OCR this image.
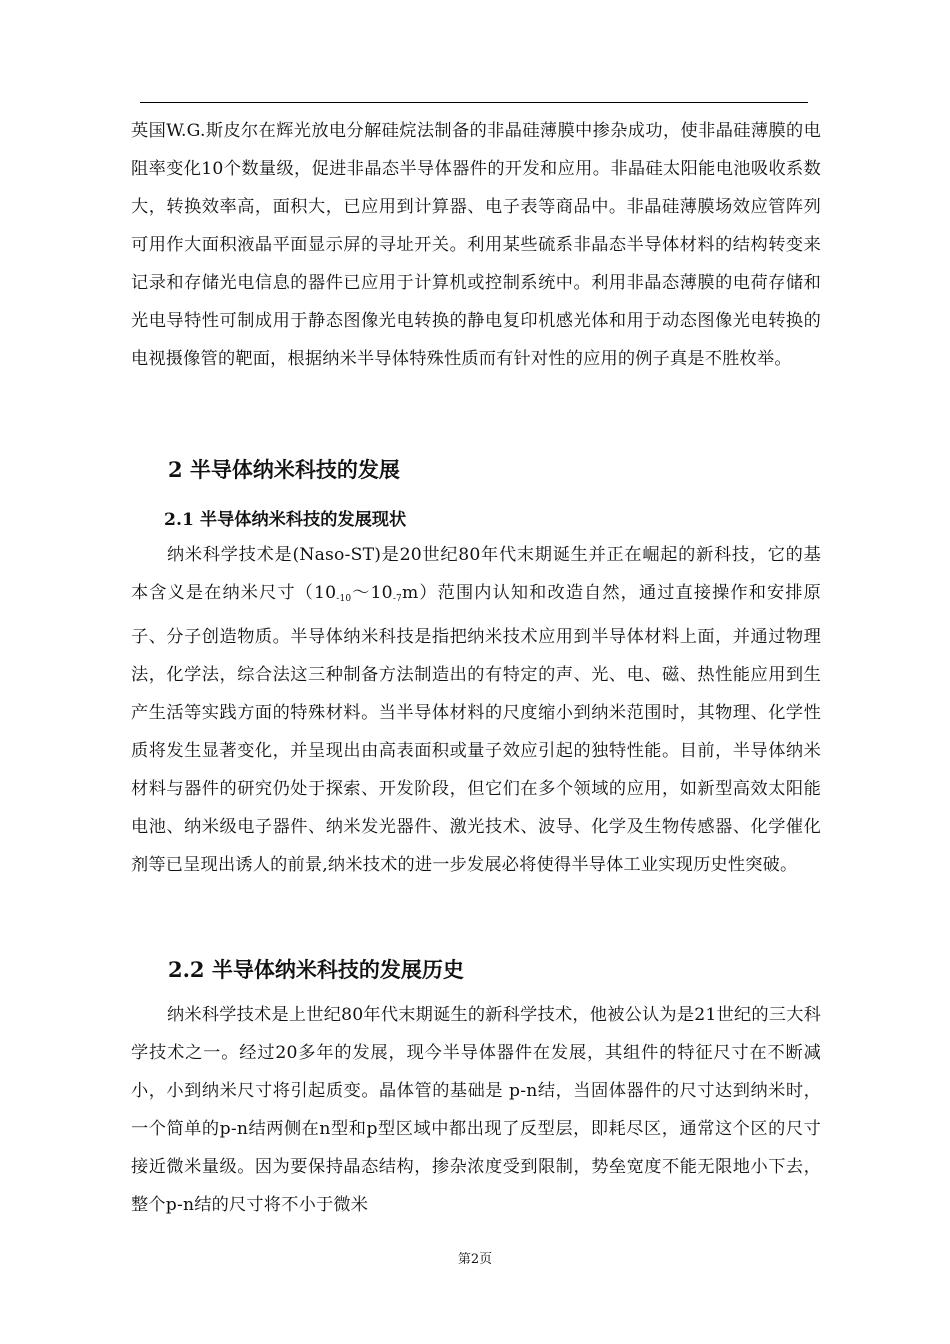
英国W.G.斯皮尔在辉光放电分解硅烷法制备的非晶硅薄膜中掺杂成功，使非晶硅薄膜的电阻率变化10个数量级，促进非晶态半导体器件的开发和应用。非晶硅太阳能电池吸收系数大，转换效率高，面积大，已应用到计算器、电子表等商品中。非晶硅薄膜场效应管阵列可用作大面积液晶平面显示屏的寻址开关。利用某些硫系非晶态半导体材料的结构转变来记录和存储光电信息的器件已应用于计算机或控制系统中。利用非晶态薄膜的电荷存储和光电导特性可制成用于静态图像光电转换的静电复印机感光体和用于动态图像光电转换的电视摄像管的靶面，根据纳米半导体特殊性质而有针对性的应用的例子真是不胜枚举。

2 半导体纳米科技的发展
2.1 半导体纳米科技的发展现状

纳米科学技术是(Naso-ST)是20世纪80年代末期诞生并正在崛起的新科技，它的基本含义是在纳米尺寸$(10_{-10}\sim 10_{-7}m)$范围内认知和改造自然，通过直接操作和安排原子、分子创造物质。半导体纳米科技是指把纳米技术应用到半导体材料上面，并通过物理法，化学法，综合法这三种制备方法制造出的有特定的声、光、电、磁、热性能应用到生产生活等实践方面的特殊材料。当半导体材料的尺度缩小到纳米范围时，其物理、化学性质将发生显著变化，并呈现出由高表面积或量子效应引起的独特性能。目前，半导体纳米材料与器件的研究仍处于探索、开发阶段，但它们在多个领域的应用，如新型高效太阳能电池、纳米级电子器件、纳米发光器件、激光技术、波导、化学及生物传感器、化学催化剂等已呈现出诱人的前景,纳米技术的进一步发展必将使得半导体工业实现历史性突破。

2.2 半导体纳米科技的发展历史

纳米科学技术是上世纪80年代末期诞生的新科学技术，他被公认为是21世纪的三大科学技术之一。经过20多年的发展，现今半导体器件在发展，其组件的特征尺寸在不断减小，小到纳米尺寸将引起质变。晶体管的基础是 p-n结，当固体器件的尺寸达到纳米时，一个简单的p-n结两侧在n型和p型区域中都出现了反型层，即耗尽区，通常这个区的尺寸接近微米量级。因为要保持晶态结构，掺杂浓度受到限制，势垒宽度不能无限地小下去，整个p-n结的尺寸将不小于微米

第2页
